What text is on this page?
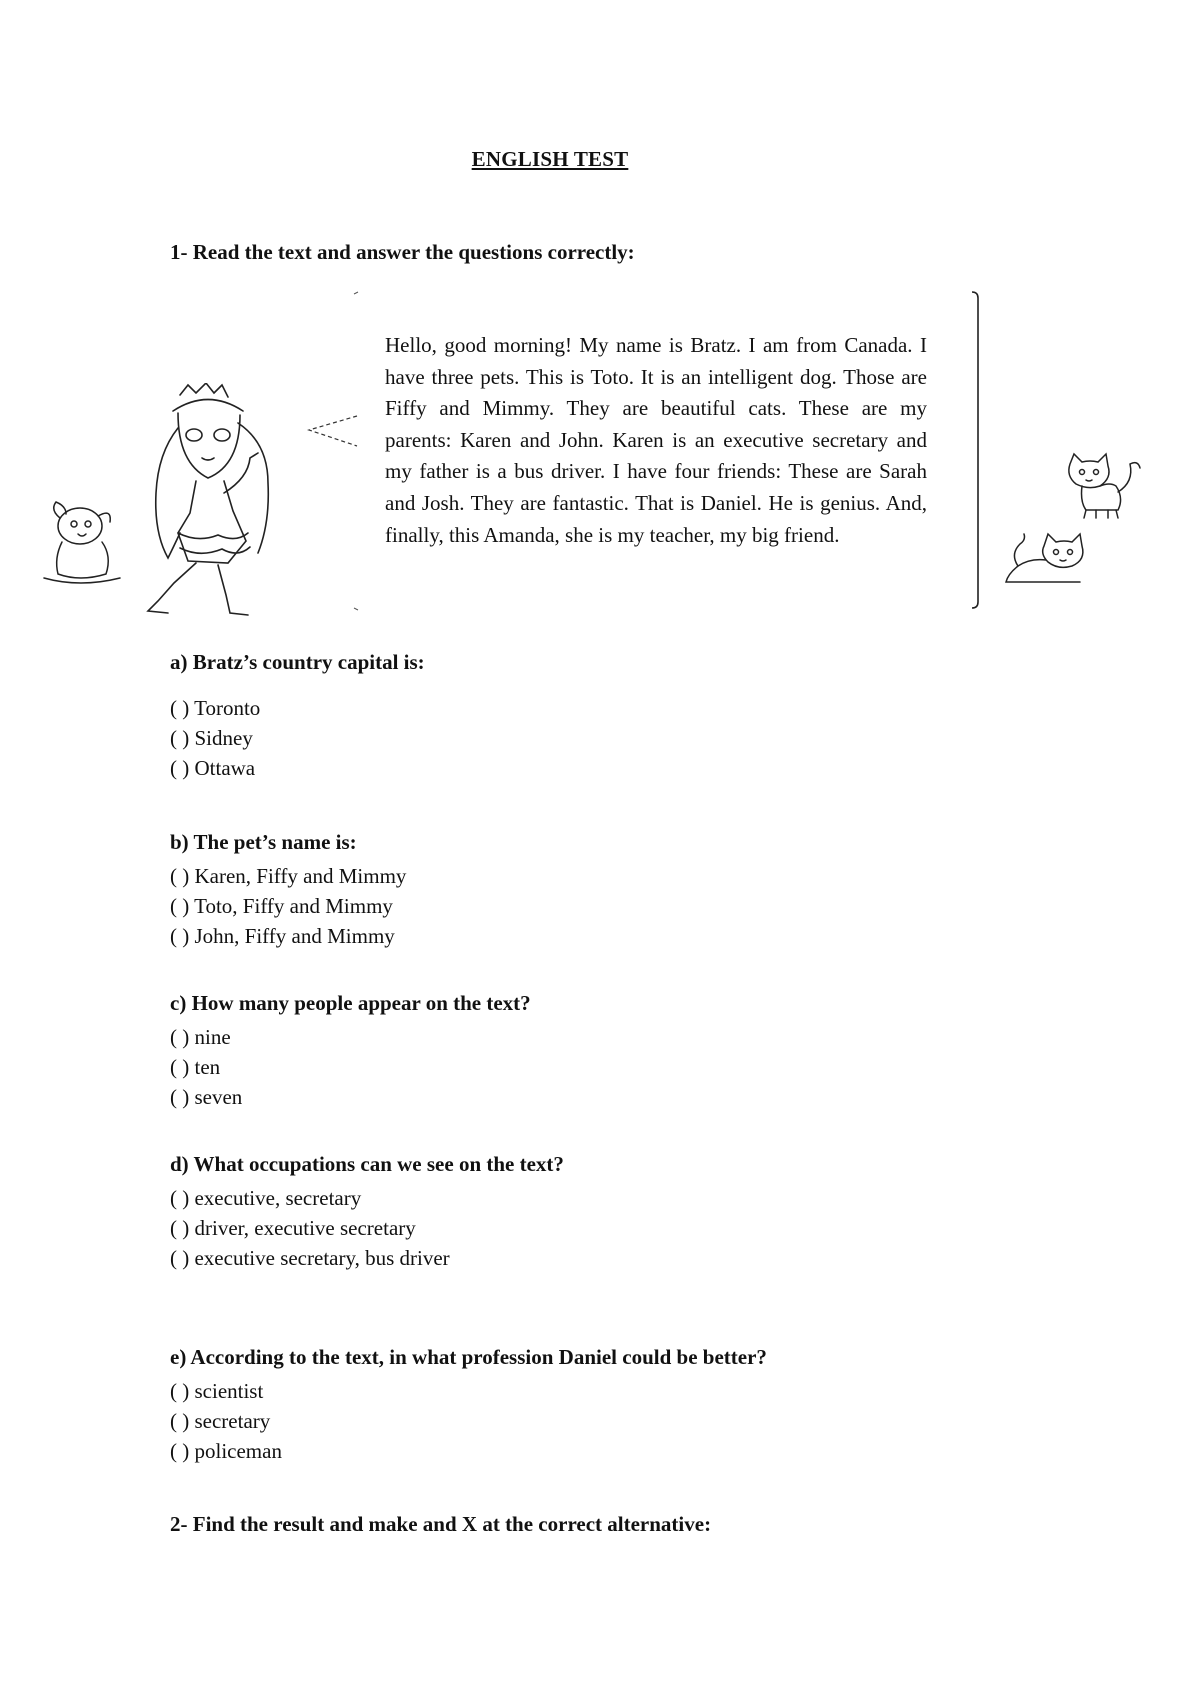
ENGLISH TEST
1- Read the text and answer the questions correctly:
Hello, good morning! My name is Bratz. I am from Canada. I have three pets. This is Toto. It is an intelligent dog. Those are Fiffy and Mimmy. They are beautiful cats. These are my parents: Karen and John. Karen is an executive secretary and my father is a bus driver. I have four friends: These are Sarah and Josh. They are fantastic. That is Daniel. He is genius. And, finally, this Amanda, she is my teacher, my big friend.
a) Bratz’s country capital is:
( ) Toronto
( ) Sidney
( ) Ottawa
b) The pet’s name is:
( ) Karen, Fiffy and Mimmy
( ) Toto, Fiffy and Mimmy
( ) John, Fiffy and Mimmy
c) How many people appear on the text?
( ) nine
( ) ten
( ) seven
d) What occupations can we see on the text?
( ) executive, secretary
( ) driver, executive secretary
( ) executive secretary, bus driver
e) According to the text, in what profession Daniel could be better?
( ) scientist
( ) secretary
( ) policeman
2- Find the result and make and X at the correct alternative:
